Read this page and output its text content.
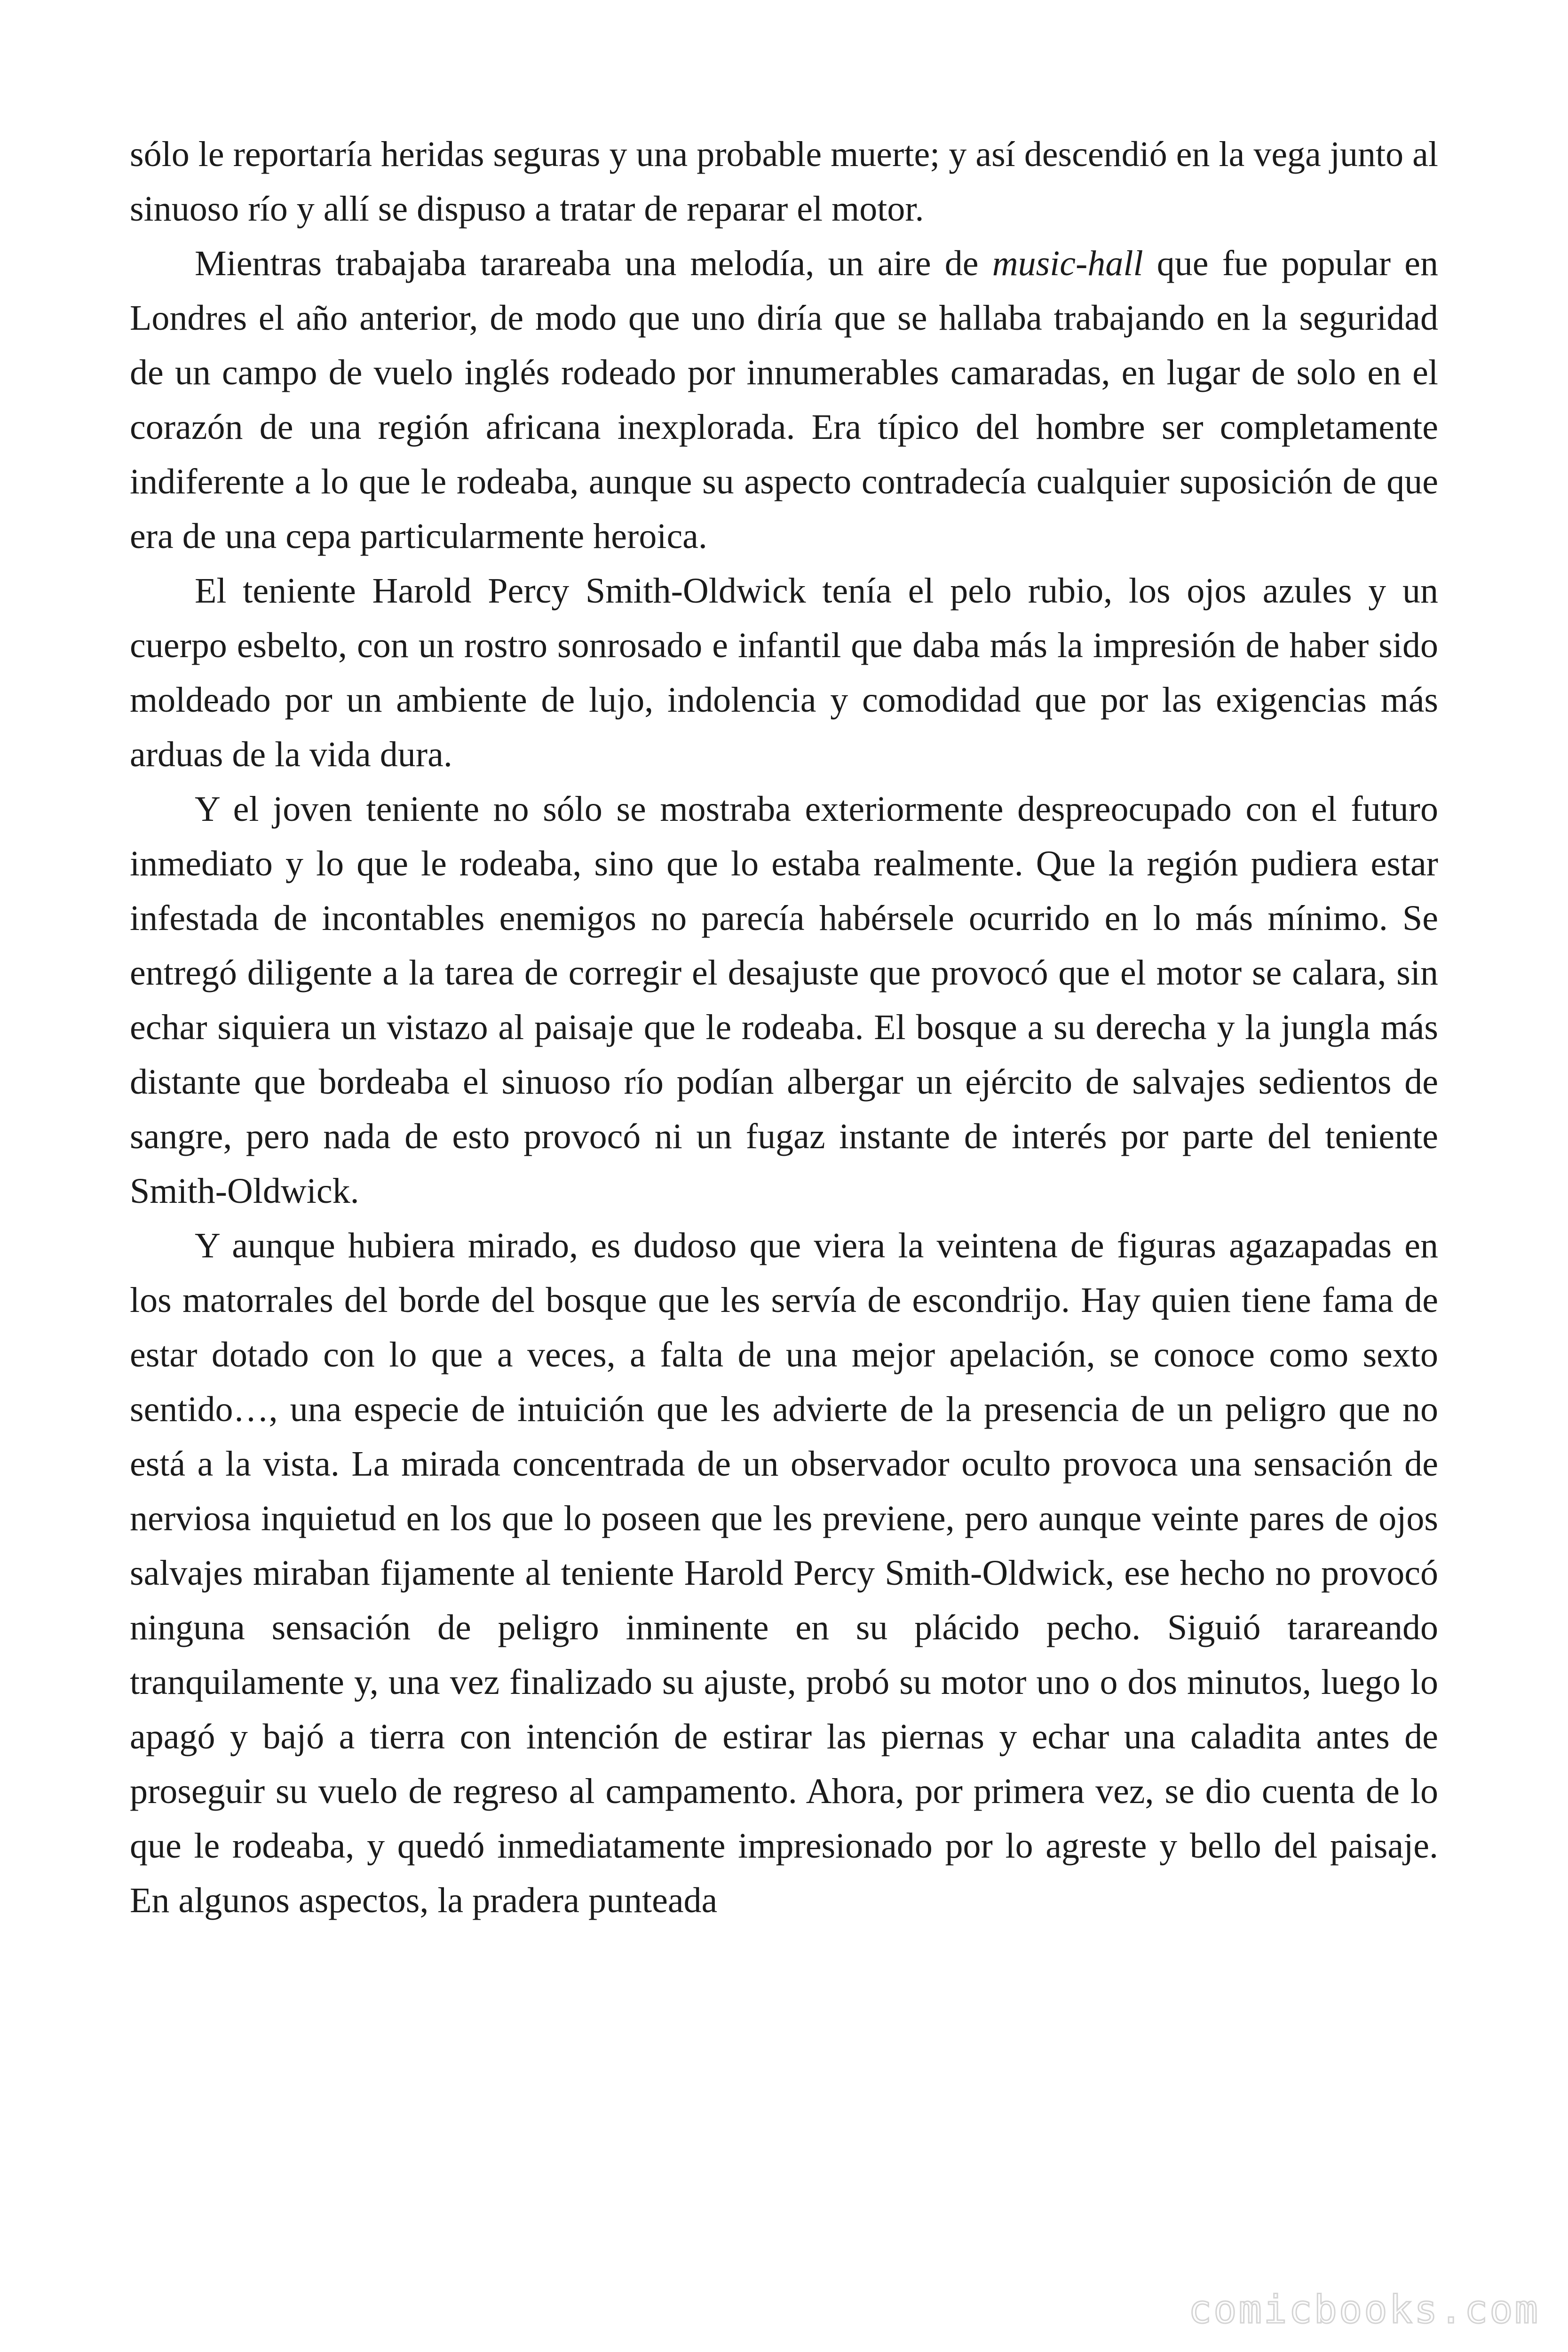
sólo le reportaría heridas seguras y una probable muerte; y así descendió en la vega junto al sinuoso río y allí se dispuso a tratar de reparar el motor.

Mientras trabajaba tarareaba una melodía, un aire de music-hall que fue popular en Londres el año anterior, de modo que uno diría que se hallaba trabajando en la seguridad de un campo de vuelo inglés rodeado por innumerables camaradas, en lugar de solo en el corazón de una región africana inexplorada. Era típico del hombre ser completamente indiferente a lo que le rodeaba, aunque su aspecto contradecía cualquier suposición de que era de una cepa particularmente heroica.

El teniente Harold Percy Smith-Oldwick tenía el pelo rubio, los ojos azules y un cuerpo esbelto, con un rostro sonrosado e infantil que daba más la impresión de haber sido moldeado por un ambiente de lujo, indolencia y comodidad que por las exigencias más arduas de la vida dura.

Y el joven teniente no sólo se mostraba exteriormente despreocupado con el futuro inmediato y lo que le rodeaba, sino que lo estaba realmente. Que la región pudiera estar infestada de incontables enemigos no parecía habérsele ocurrido en lo más mínimo. Se entregó diligente a la tarea de corregir el desajuste que provocó que el motor se calara, sin echar siquiera un vistazo al paisaje que le rodeaba. El bosque a su derecha y la jungla más distante que bordeaba el sinuoso río podían albergar un ejército de salvajes sedientos de sangre, pero nada de esto provocó ni un fugaz instante de interés por parte del teniente Smith-Oldwick.

Y aunque hubiera mirado, es dudoso que viera la veintena de figuras agazapadas en los matorrales del borde del bosque que les servía de escondrijo. Hay quien tiene fama de estar dotado con lo que a veces, a falta de una mejor apelación, se conoce como sexto sentido…, una especie de intuición que les advierte de la presencia de un peligro que no está a la vista. La mirada concentrada de un observador oculto provoca una sensación de nerviosa inquietud en los que lo poseen que les previene, pero aunque veinte pares de ojos salvajes miraban fijamente al teniente Harold Percy Smith-Oldwick, ese hecho no provocó ninguna sensación de peligro inminente en su plácido pecho. Siguió tarareando tranquilamente y, una vez finalizado su ajuste, probó su motor uno o dos minutos, luego lo apagó y bajó a tierra con intención de estirar las piernas y echar una caladita antes de proseguir su vuelo de regreso al campamento. Ahora, por primera vez, se dio cuenta de lo que le rodeaba, y quedó inmediatamente impresionado por lo agreste y bello del paisaje. En algunos aspectos, la pradera punteada

comicbooks.com
